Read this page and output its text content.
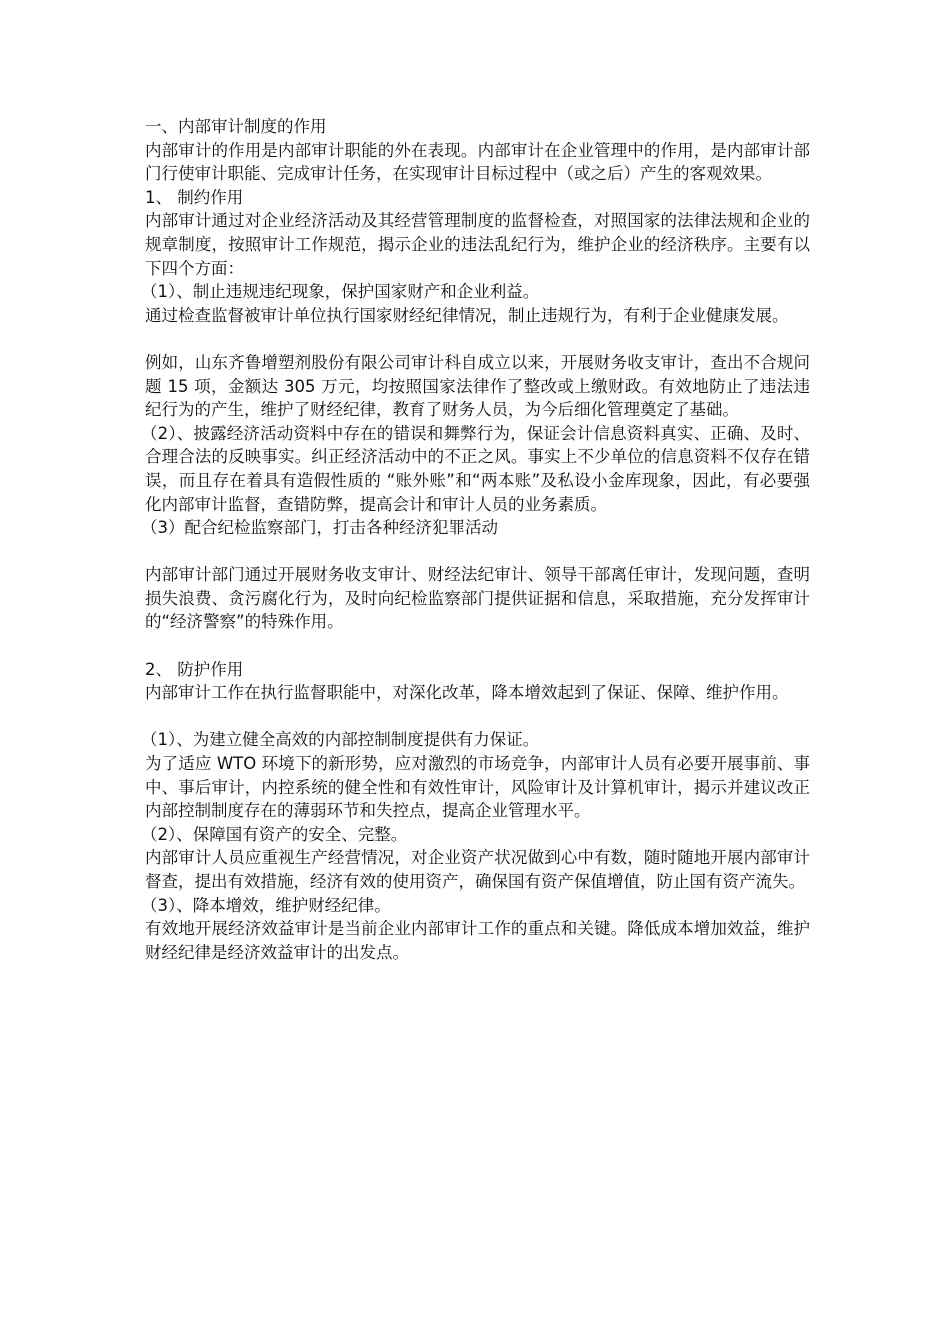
一、内部审计制度的作用

内部审计的作用是内部审计职能的外在表现。内部审计在企业管理中的作用，是内部审计部门行使审计职能、完成审计任务，在实现审计目标过程中（或之后）产生的客观效果。

1、 制约作用

内部审计通过对企业经济活动及其经营管理制度的监督检查，对照国家的法律法规和企业的规章制度，按照审计工作规范，揭示企业的违法乱纪行为，维护企业的经济秩序。主要有以下四个方面：

（1）、制止违规违纪现象，保护国家财产和企业利益。

通过检查监督被审计单位执行国家财经纪律情况，制止违规行为，有利于企业健康发展。

例如，山东齐鲁增塑剂股份有限公司审计科自成立以来，开展财务收支审计，查出不合规问题 15 项，金额达 305 万元，均按照国家法律作了整改或上缴财政。有效地防止了违法违纪行为的产生，维护了财经纪律，教育了财务人员，为今后细化管理奠定了基础。

（2）、披露经济活动资料中存在的错误和舞弊行为，保证会计信息资料真实、正确、及时、合理合法的反映事实。纠正经济活动中的不正之风。事实上不少单位的信息资料不仅存在错误，而且存在着具有造假性质的 “账外账”和“两本账”及私设小金库现象，因此，有必要强化内部审计监督，查错防弊，提高会计和审计人员的业务素质。

（3）配合纪检监察部门，打击各种经济犯罪活动

内部审计部门通过开展财务收支审计、财经法纪审计、领导干部离任审计，发现问题，查明损失浪费、贪污腐化行为，及时向纪检监察部门提供证据和信息，采取措施，充分发挥审计的“经济警察”的特殊作用。

2、 防护作用

内部审计工作在执行监督职能中，对深化改革，降本增效起到了保证、保障、维护作用。

（1）、为建立健全高效的内部控制制度提供有力保证。

为了适应 WTO 环境下的新形势，应对激烈的市场竞争，内部审计人员有必要开展事前、事中、事后审计，内控系统的健全性和有效性审计，风险审计及计算机审计，揭示并建议改正内部控制制度存在的薄弱环节和失控点，提高企业管理水平。

（2）、保障国有资产的安全、完整。

内部审计人员应重视生产经营情况，对企业资产状况做到心中有数，随时随地开展内部审计督查，提出有效措施，经济有效的使用资产，确保国有资产保值增值，防止国有资产流失。

（3）、降本增效，维护财经纪律。

有效地开展经济效益审计是当前企业内部审计工作的重点和关键。降低成本增加效益，维护财经纪律是经济效益审计的出发点。
